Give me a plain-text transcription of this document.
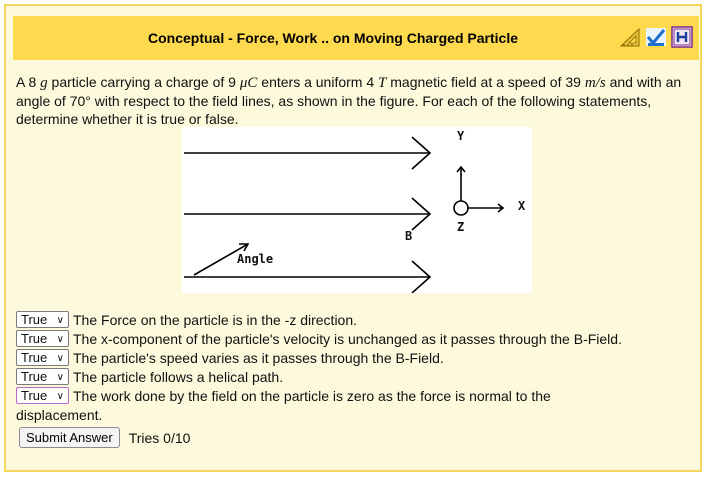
Conceptual - Force, Work .. on Moving Charged Particle
A 8 g particle carrying a charge of 9 μC enters a uniform 4 T magnetic field at a speed of 39 m/s and with an angle of 70° with respect to the field lines, as shown in the figure. For each of the following statements, determine whether it is true or false.
Y
X
Z
B
Angle
True ∨ The Force on the particle is in the -z direction.
True ∨ The x-component of the particle's velocity is unchanged as it passes through the B-Field.
True ∨ The particle's speed varies as it passes through the B-Field.
True ∨ The particle follows a helical path.
True ∨ The work done by the field on the particle is zero as the force is normal to the displacement.
Submit Answer	Tries 0/10
